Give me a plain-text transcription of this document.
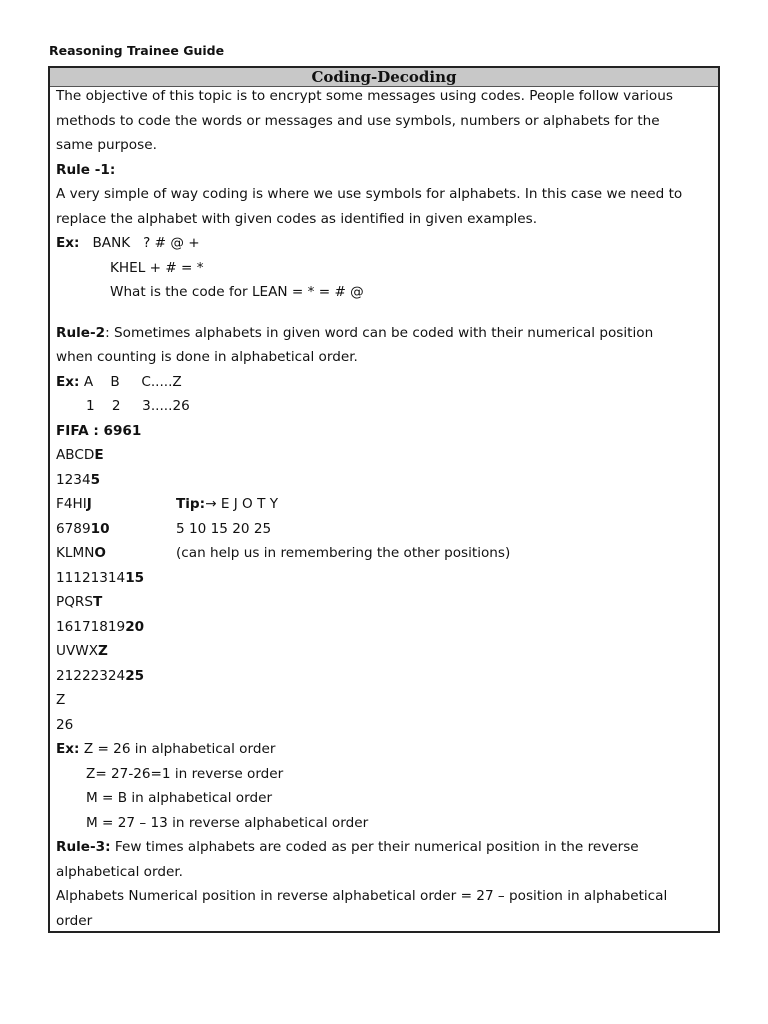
Reasoning Trainee Guide
Coding-Decoding
The objective of this topic is to encrypt some messages using codes. People follow various
methods to code the words or messages and use symbols, numbers or alphabets for the
same purpose.
Rule -1:
A very simple of way coding is where we use symbols for alphabets. In this case we need to
replace the alphabet with given codes as identified in given examples.
Ex: BANK   ? # @ +
KHEL + # = *
What is the code for LEAN = * = # @
Rule-2: Sometimes alphabets in given word can be coded with their numerical position
when counting is done in alphabetical order.
Ex: A    B     C.....Z
1    2     3.....26
FIFA : 6961
ABCDE
12345
F4HIJ
	Tip:→ E J O T Y
678910
	5 10 15 20 25
KLMNO
	(can help us in remembering the other positions)
1112131415
PQRST
1617181920
UVWXZ
2122232425
Z
26
Ex: Z = 26 in alphabetical order
Z= 27-26=1 in reverse order
M = B in alphabetical order
M = 27 – 13 in reverse alphabetical order
Rule-3: Few times alphabets are coded as per their numerical position in the reverse
alphabetical order.
Alphabets Numerical position in reverse alphabetical order = 27 – position in alphabetical
order
